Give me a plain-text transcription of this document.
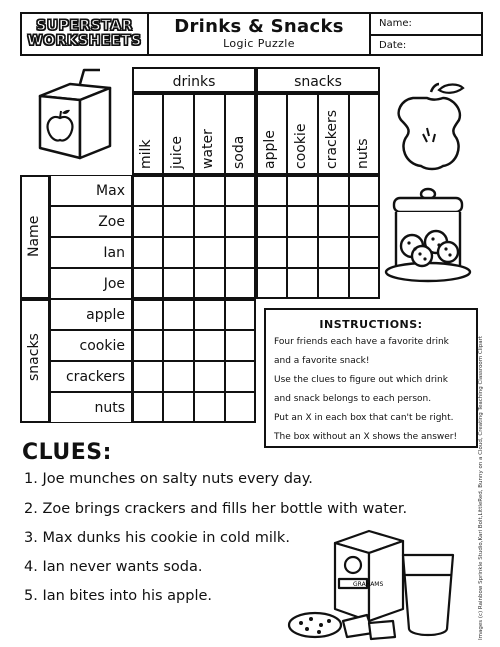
SUPERSTAR
WORKSHEETS
Drinks & Snacks
Logic Puzzle
Name:
Date:
drinks	snacks
milk juice water soda apple cookie crackers nuts
Name
Max
Zoe
Ian
Joe
snacks
apple
cookie
crackers
nuts
INSTRUCTIONS:
Four friends each have a favorite drink
and a favorite snack!
Use the clues to figure out which drink
and snack belongs to each person.
Put an X in each box that can't be right.
The box without an X shows the answer!
CLUES:
1. Joe munches on salty nuts every day.
2. Zoe brings crackers and fills her bottle with water.
3. Max dunks his cookie in cold milk.
4. Ian never wants soda.
5. Ian bites into his apple.
GRAHAMS	Images (c) Rainbow Sprinkle Studio,Kari Bolt,LittleRed, Bunny on a Cloud, Creating Teaching Classroom Clipart
